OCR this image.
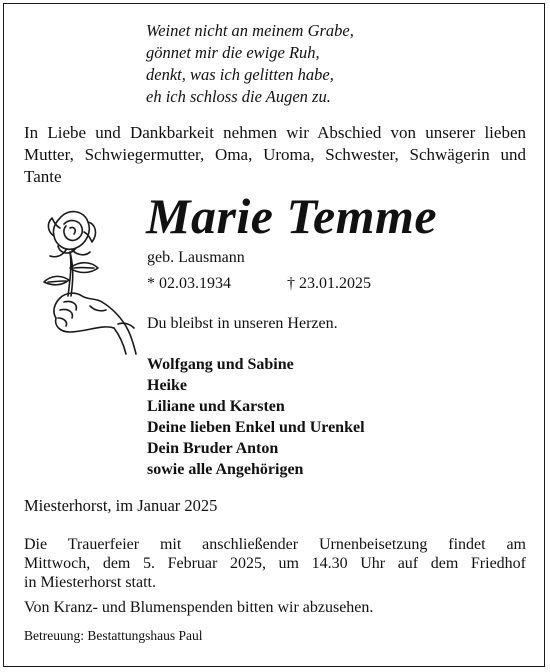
Weinet nicht an meinem Grabe,
gönnet mir die ewige Ruh,
denkt, was ich gelitten habe,
eh ich schloss die Augen zu.

In Liebe und Dankbarkeit nehmen wir Abschied von unserer lieben

Mutter, Schwiegermutter, Oma, Uroma, Schwester, Schwägerin und

Tante

Marie Temme
geb. Lausmann
* 02.03.1934	† 23.01.2025
Du bleibst in unseren Herzen.
Wolfgang und Sabine
Heike
Liliane und Karsten
Deine lieben Enkel und Urenkel
Dein Bruder Anton
sowie alle Angehörigen
Miesterhorst, im Januar 2025

Die Trauerfeier mit anschließender Urnenbeisetzung findet am

Mittwoch, dem 5. Februar 2025, um 14.30 Uhr auf dem Friedhof

in Miesterhorst statt.

Von Kranz- und Blumenspenden bitten wir abzusehen.
Betreuung: Bestattungshaus Paul
